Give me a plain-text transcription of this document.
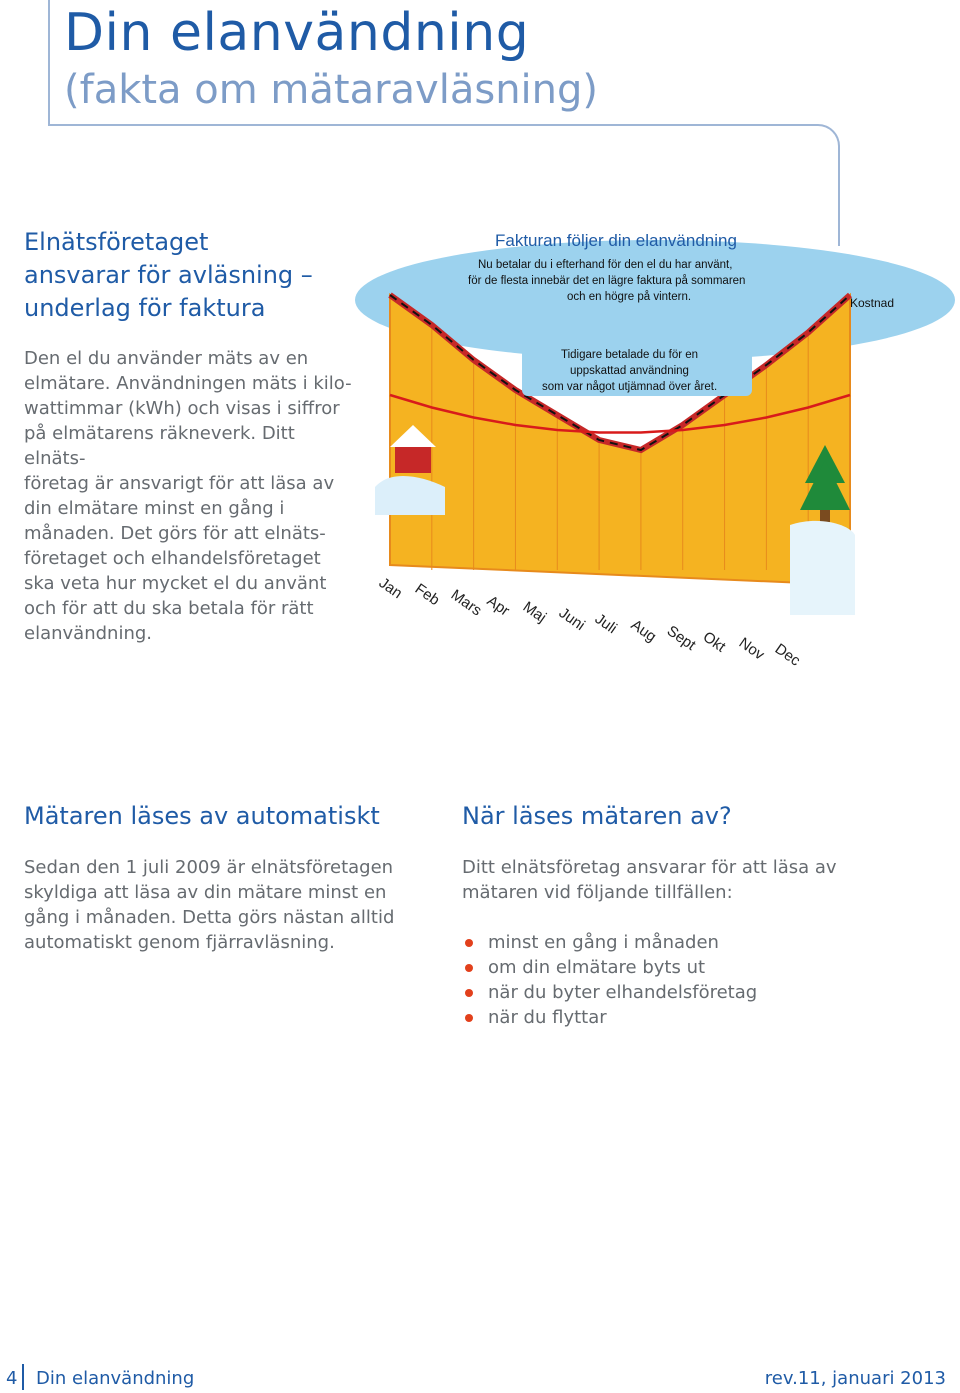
Din elanvändning
(fakta om mätaravläsning)
Elnätsföretaget
ansvarar för avläsning –
underlag för faktura
Den el du använder mäts av en
elmätare. Användningen mäts i kilo-
wattimmar (kWh) och visas i siffror
på elmätarens räkneverk. Ditt elnäts-
företag är ansvarigt för att läsa av
din elmätare minst en gång i
månaden. Det görs för att elnäts-
företaget och elhandelsföretaget
ska veta hur mycket el du använt
och för att du ska betala för rätt
elanvändning.
Fakturan följer din elanvändning
Nu betalar du i efterhand för den el du har använt,
för de flesta innebär det en lägre faktura på sommaren
och en högre på vintern.	Kostnad
Tidigare betalade du för en
uppskattad användning
som var något utjämnad över året.
Jan Feb Mars
Apr Maj Juni Juli Aug Sept Okt Nov Dec
Mätaren läses av automatiskt
Sedan den 1 juli 2009 är elnätsföretagen
skyldiga att läsa av din mätare minst en
gång i månaden. Detta görs nästan alltid
automatiskt genom fjärravläsning.
När läses mätaren av?
Ditt elnätsföretag ansvarar för att läsa av
mätaren vid följande tillfällen:
minst en gång i månaden
om din elmätare byts ut
när du byter elhandelsföretag
när du flyttar
4 Din elanvändning	rev.11, januari 2013
